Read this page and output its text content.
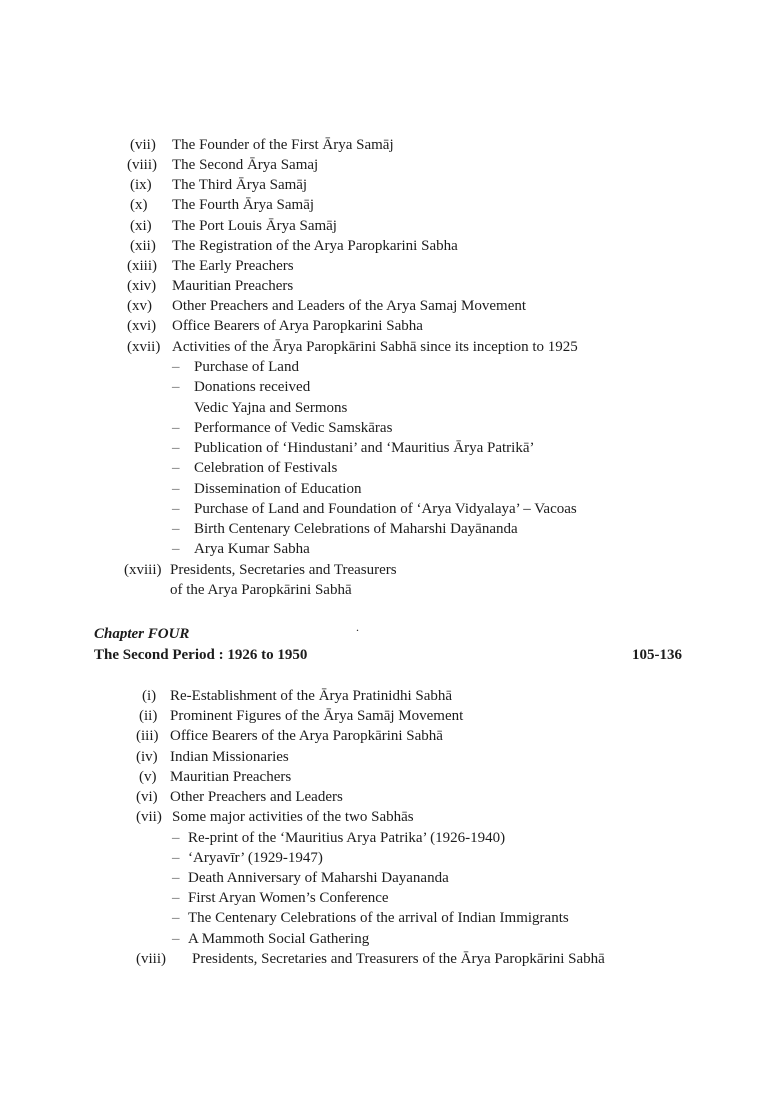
(vii) The Founder of the First Ārya Samāj
(viii) The Second Ārya Samaj
(ix) The Third Ārya Samāj
(x) The Fourth Ārya Samāj
(xi) The Port Louis Ārya Samāj
(xii) The Registration of the Arya Paropkarini Sabha
(xiii) The Early Preachers
(xiv) Mauritian Preachers
(xv) Other Preachers and Leaders of the Arya Samaj Movement
(xvi) Office Bearers of Arya Paropkarini Sabha
(xvii) Activities of the Ārya Paropkārini Sabhā since its inception to 1925
– Purchase of Land
– Donations received
Vedic Yajna and Sermons
– Performance of Vedic Samskāras
– Publication of ‘Hindustani’ and ‘Mauritius Ārya Patrikā’
– Celebration of Festivals
– Dissemination of Education
– Purchase of Land and Foundation of ‘Arya Vidyalaya’ – Vacoas
– Birth Centenary Celebrations of Maharshi Dayānanda
– Arya Kumar Sabha
(xviii) Presidents, Secretaries and Treasurers
of the Arya Paropkārini Sabhā
.
Chapter FOUR
The Second Period : 1926 to 1950	105-136
(i) Re-Establishment of the Ārya Pratinidhi Sabhā
(ii) Prominent Figures of the Ārya Samāj Movement
(iii) Office Bearers of the Arya Paropkārini Sabhā
(iv) Indian Missionaries
(v) Mauritian Preachers
(vi) Other Preachers and Leaders
(vii) Some major activities of the two Sabhās
– Re-print of the ‘Mauritius Arya Patrika’ (1926-1940)
– ‘Aryavīr’ (1929-1947)
– Death Anniversary of Maharshi Dayananda
– First Aryan Women’s Conference
– The Centenary Celebrations of the arrival of Indian Immigrants
– A Mammoth Social Gathering
(viii) Presidents, Secretaries and Treasurers of the Ārya Paropkārini Sabhā
